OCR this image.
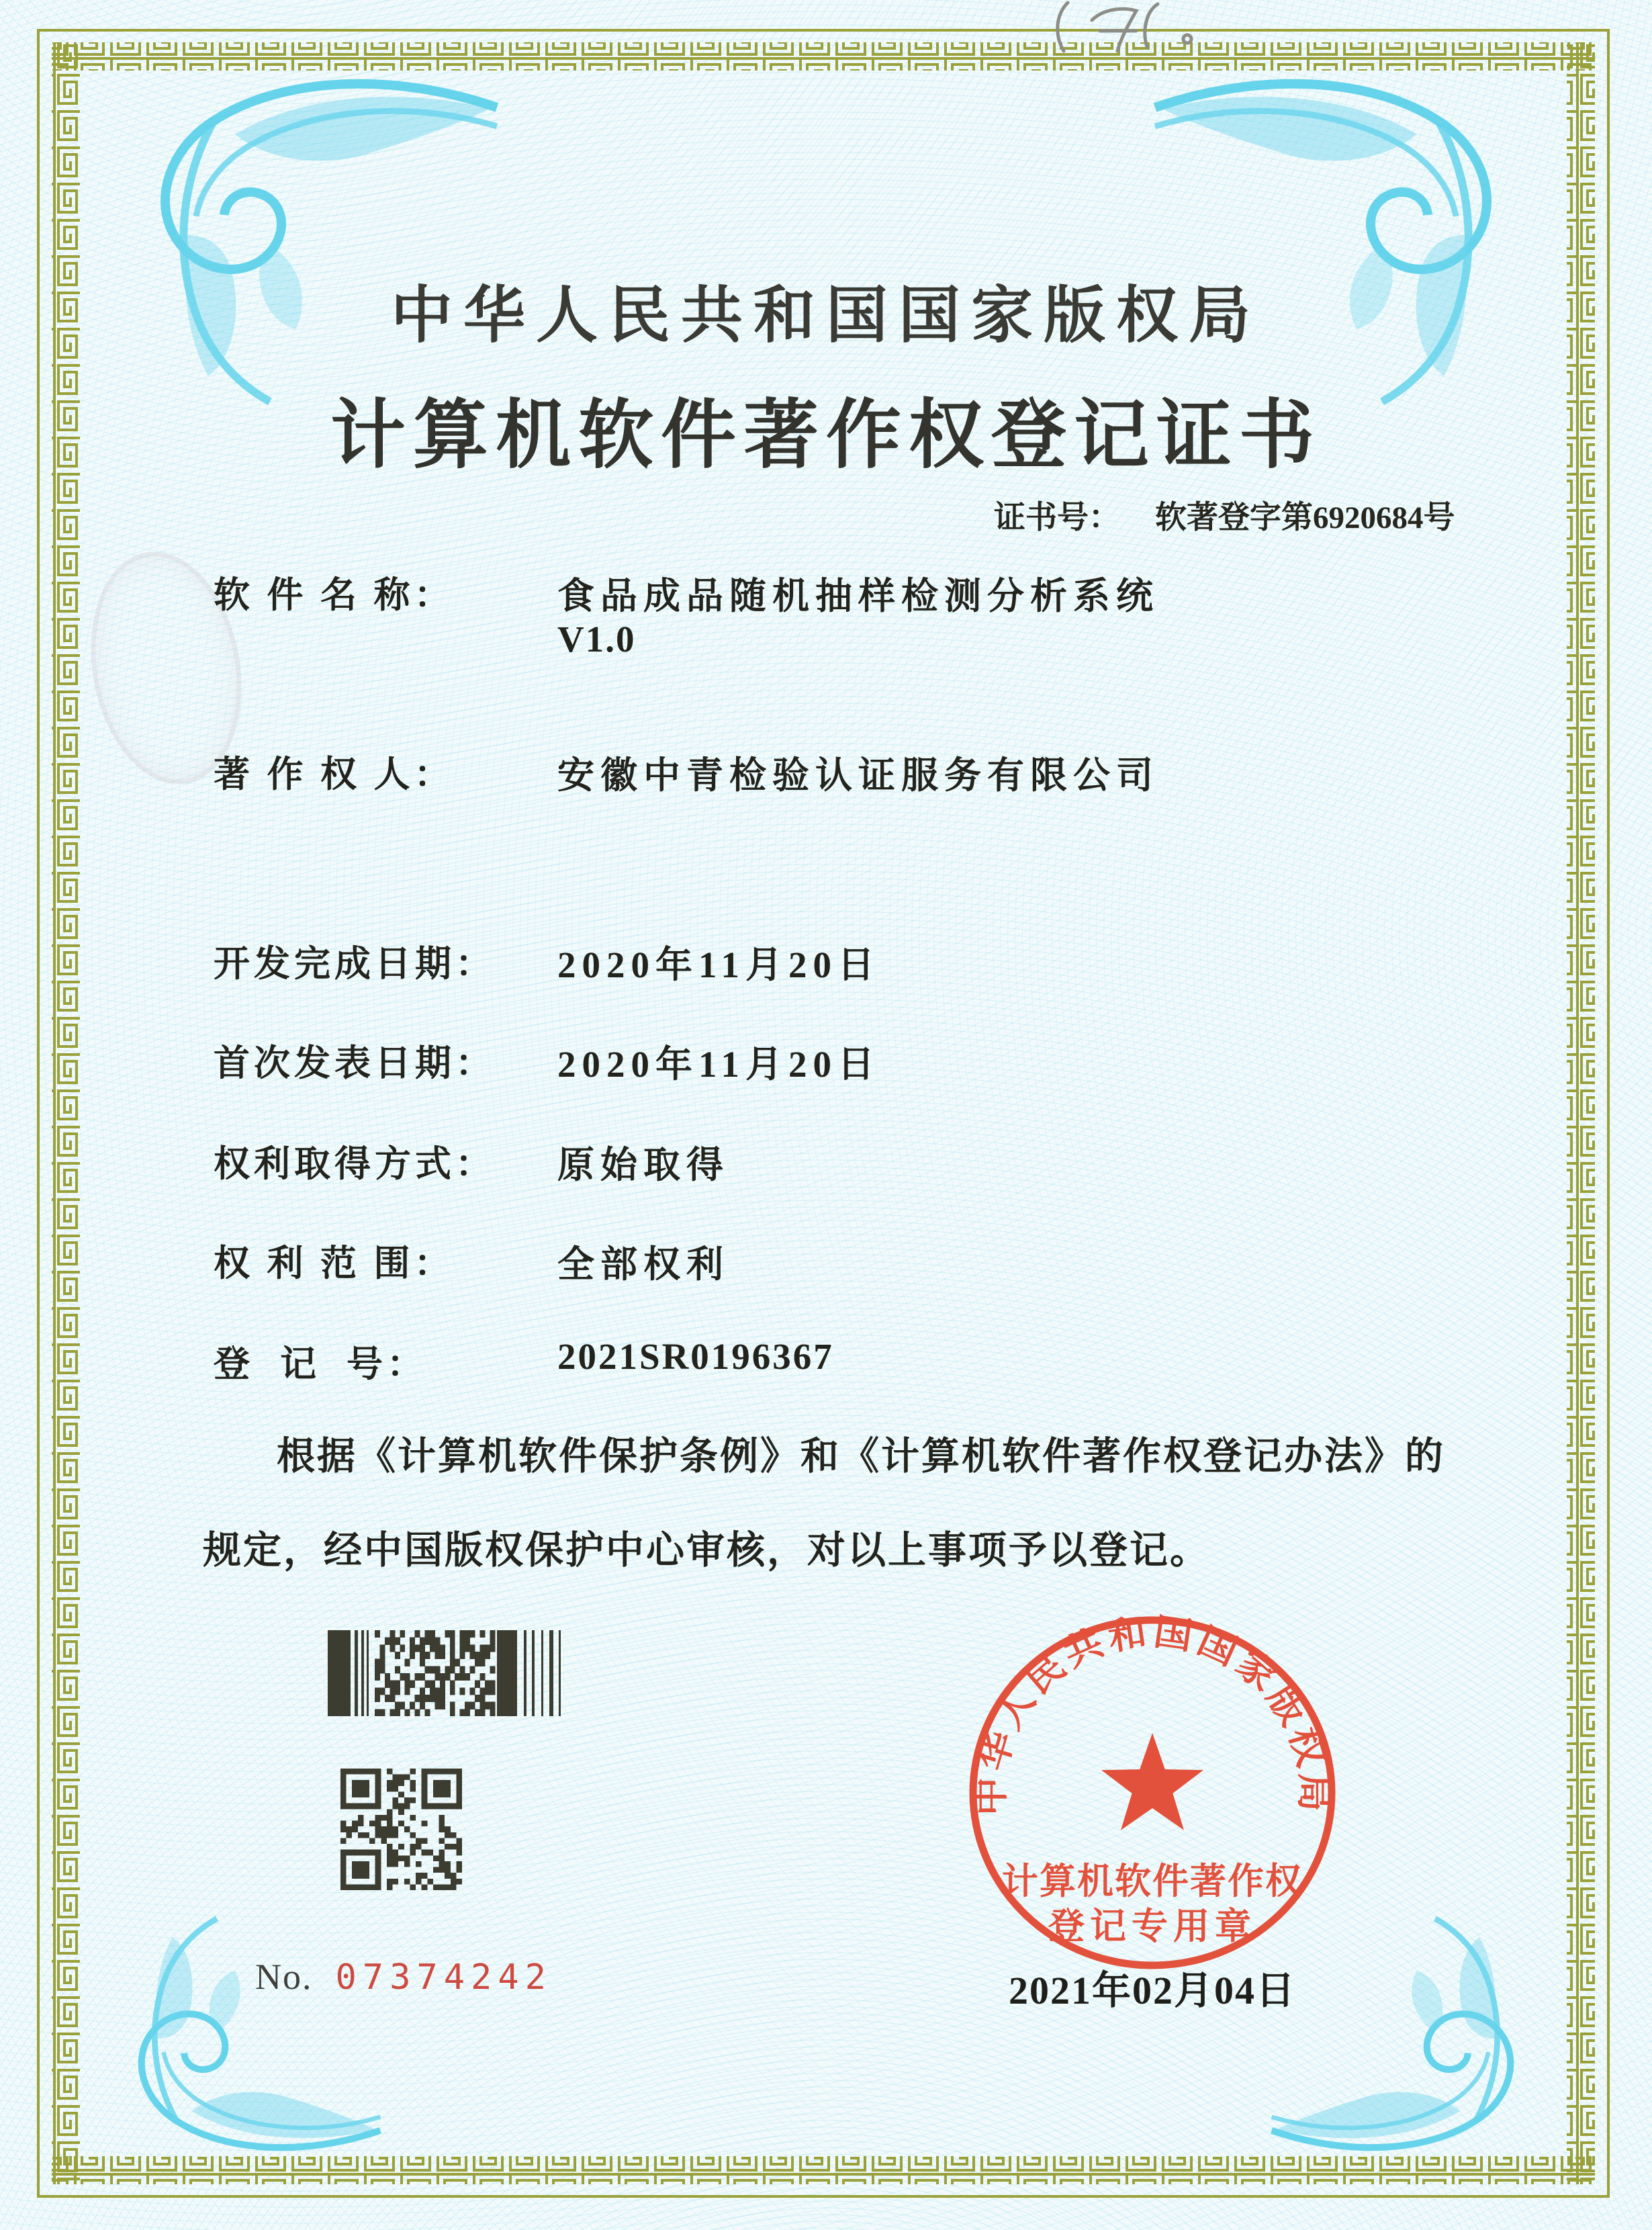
中华人民共和国国家版权局
计算机软件著作权登记证书
证书号： 软著登字第6920684号
软 件 名 称：	食品成品随机抽样检测分析系统
V1.0
著 作 权 人：	安徽中青检验认证服务有限公司
开发完成日期： 2020年11月20日
首次发表日期： 2020年11月20日
权利取得方式： 原始取得
权 利 范 围：	全部权利
登  记  号：	2021SR0196367
根据《计算机软件保护条例》和《计算机软件著作权登记办法》的
规定，经中国版权保护中心审核，对以上事项予以登记。
中华人民共和国国家版权局
计算机软件著作权
登记专用章
2021年02月04日
No. 07374242
